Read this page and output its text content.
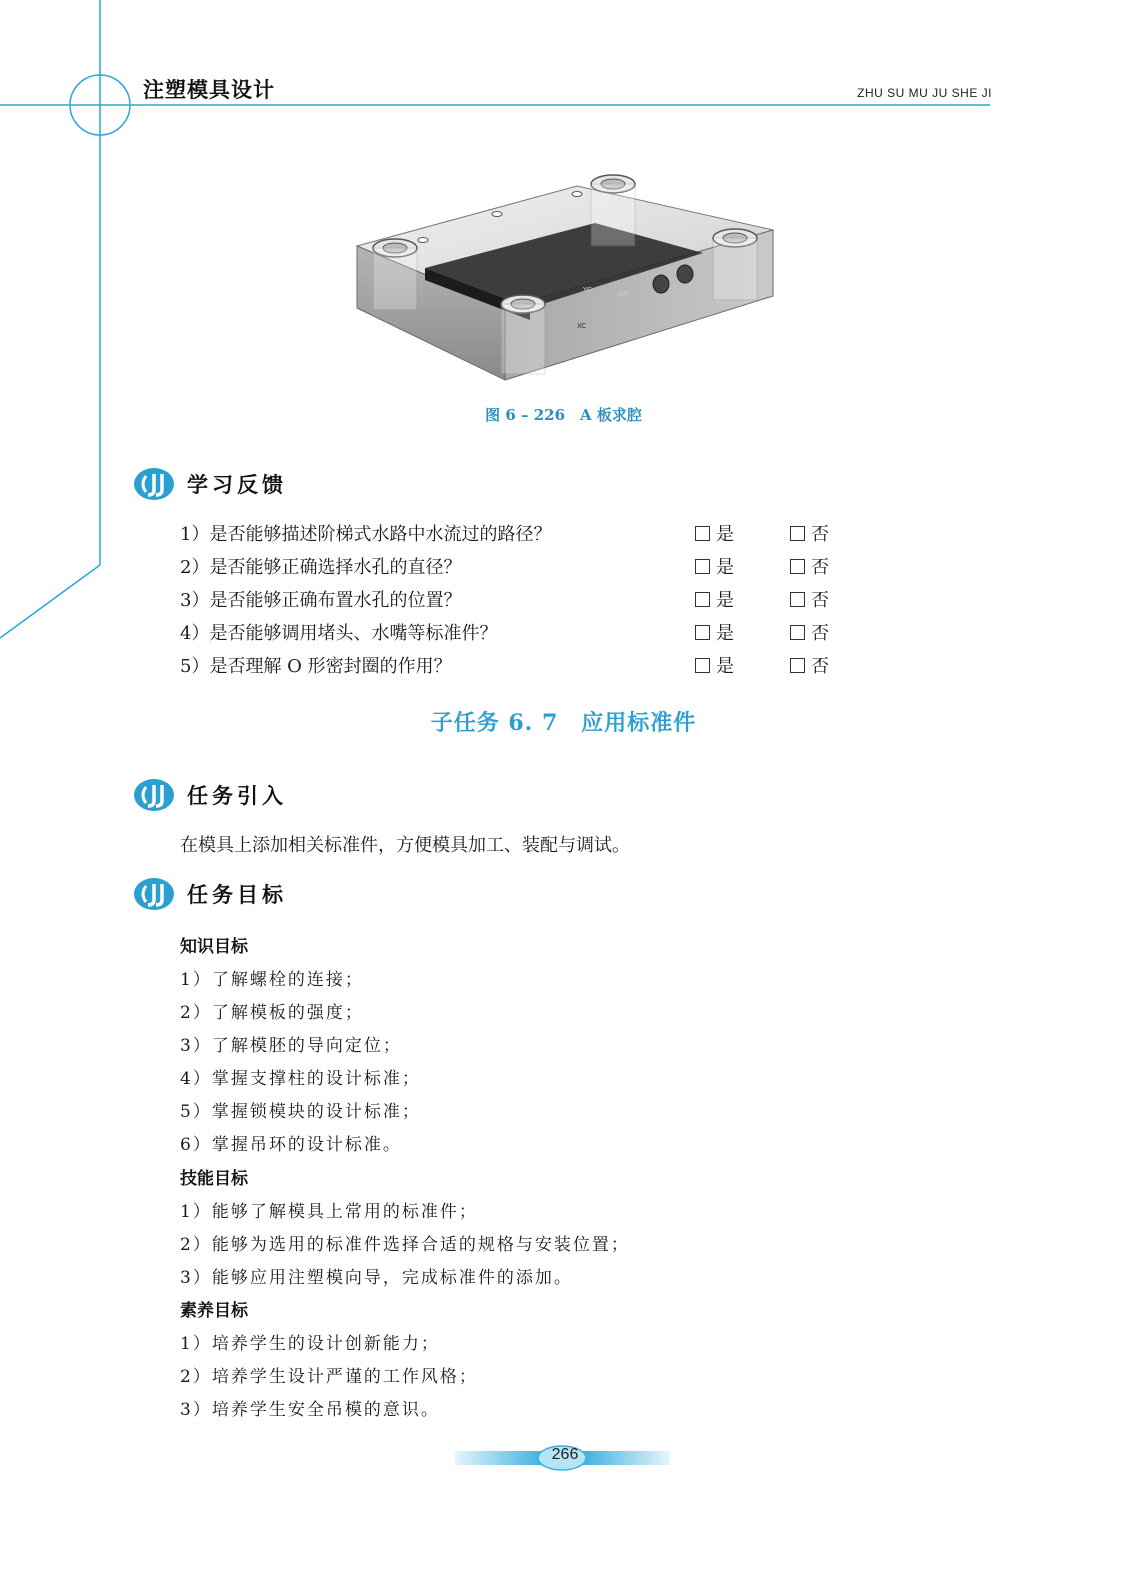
注塑模具设计	ZHU SU MU JU SHE JI
YC
XC
WP
图 6 – 226　A 板求腔
学习反馈
1）是否能够描述阶梯式水路中水流过的路径？	是	否
2）是否能够正确选择水孔的直径？	是	否
3）是否能够正确布置水孔的位置？	是	否
4）是否能够调用堵头、水嘴等标准件？	是	否
5）是否理解 O 形密封圈的作用？	是	否
子任务 6. 7　应用标准件
任务引入
在模具上添加相关标准件，方便模具加工、装配与调试。
任务目标
知识目标
1）了解螺栓的连接；
2）了解模板的强度；
3）了解模胚的导向定位；
4）掌握支撑柱的设计标准；
5）掌握锁模块的设计标准；
6）掌握吊环的设计标准。
技能目标
1）能够了解模具上常用的标准件；
2）能够为选用的标准件选择合适的规格与安装位置；
3）能够应用注塑模向导，完成标准件的添加。
素养目标
1）培养学生的设计创新能力；
2）培养学生设计严谨的工作风格；
3）培养学生安全吊模的意识。
266
